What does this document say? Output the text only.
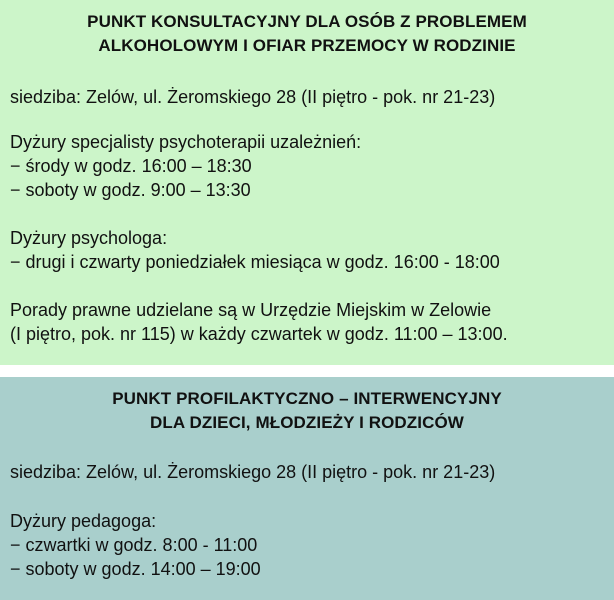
PUNKT KONSULTACYJNY DLA OSÓB Z PROBLEMEM
ALKOHOLOWYM I OFIAR PRZEMOCY W RODZINIE

siedziba: Zelów, ul. Żeromskiego 28 (II piętro - pok. nr 21-23)

Dyżury specjalisty psychoterapii uzależnień:

− środy w godz. 16:00 – 18:30

− soboty w godz. 9:00 – 13:30

Dyżury psychologa:

− drugi i czwarty poniedziałek miesiąca w godz. 16:00 - 18:00

Porady prawne udzielane są w Urzędzie Miejskim w Zelowie

(I piętro, pok. nr 115) w każdy czwartek w godz. 11:00 – 13:00.

PUNKT PROFILAKTYCZNO – INTERWENCYJNY
DLA DZIECI, MŁODZIEŻY I RODZICÓW

siedziba: Zelów, ul. Żeromskiego 28 (II piętro - pok. nr 21-23)

Dyżury pedagoga:

− czwartki w godz. 8:00 - 11:00

− soboty w godz. 14:00 – 19:00
